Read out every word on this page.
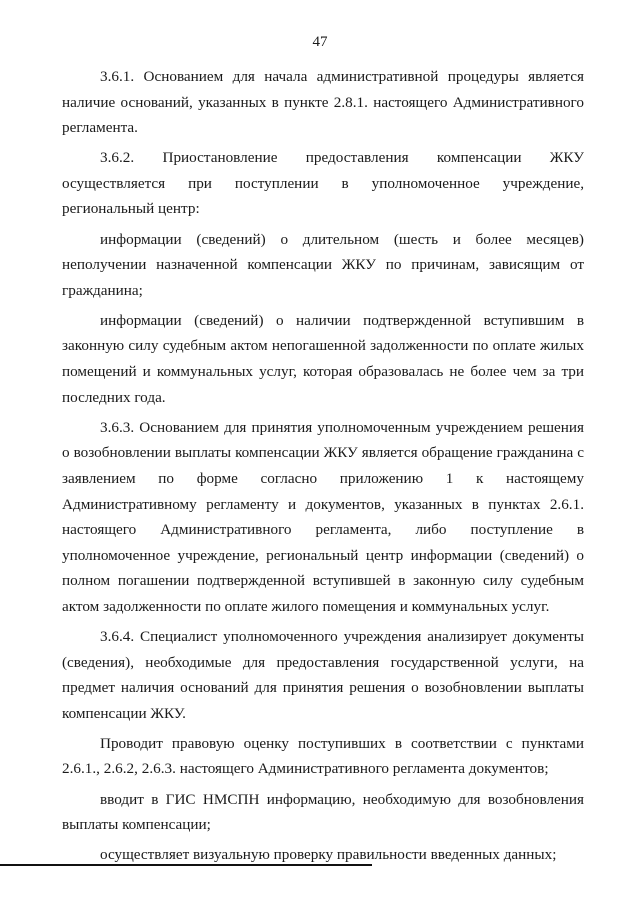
47

3.6.1. Основанием для начала административной процедуры является наличие оснований, указанных в пункте 2.8.1. настоящего Административного регламента.

3.6.2. Приостановление предоставления компенсации ЖКУ осуществляется при поступлении в уполномоченное учреждение, региональный центр:

информации (сведений) о длительном (шесть и более месяцев) неполучении назначенной компенсации ЖКУ по причинам, зависящим от гражданина;

информации (сведений) о наличии подтвержденной вступившим в законную силу судебным актом непогашенной задолженности по оплате жилых помещений и коммунальных услуг, которая образовалась не более чем за три последних года.

3.6.3. Основанием для принятия уполномоченным учреждением решения о возобновлении выплаты компенсации ЖКУ является обращение гражданина с заявлением по форме согласно приложению 1 к настоящему Административному регламенту и документов, указанных в пунктах 2.6.1. настоящего Административного регламента, либо поступление в уполномоченное учреждение, региональный центр информации (сведений) о полном погашении подтвержденной вступившей в законную силу судебным актом задолженности по оплате жилого помещения и коммунальных услуг.

3.6.4. Специалист уполномоченного учреждения анализирует документы (сведения), необходимые для предоставления государственной услуги, на предмет наличия оснований для принятия решения о возобновлении выплаты компенсации ЖКУ.

Проводит правовую оценку поступивших в соответствии с пунктами 2.6.1., 2.6.2, 2.6.3. настоящего Административного регламента документов;

вводит в ГИС НМСПН информацию, необходимую для возобновления выплаты компенсации;

осуществляет визуальную проверку правильности введенных данных;
